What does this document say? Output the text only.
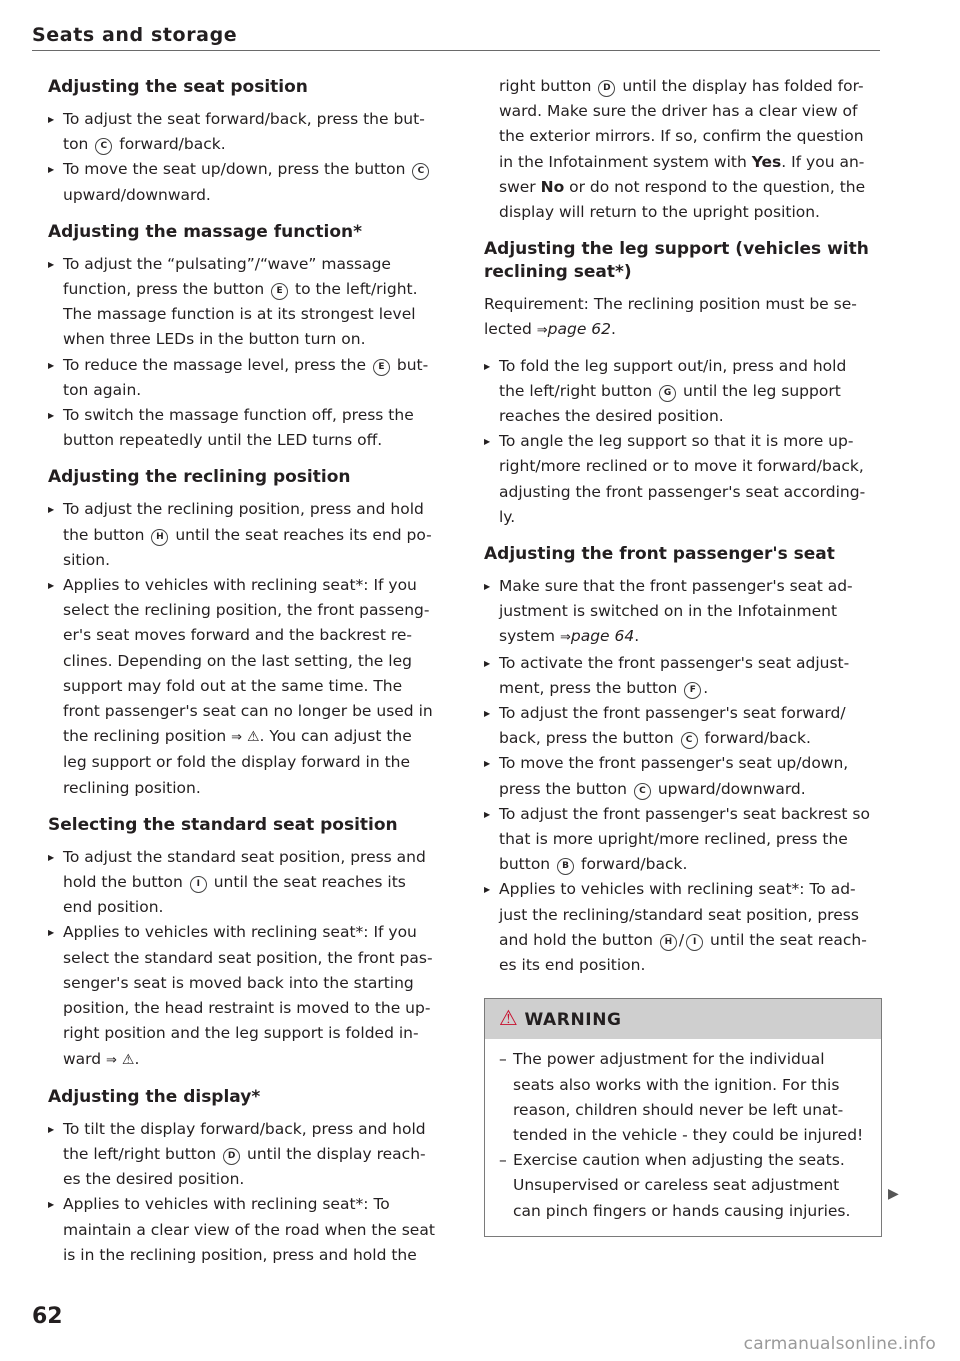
Seats and storage
Adjusting the seat position
▶ To adjust the seat forward/back, press the but-
ton C forward/back.
▶ To move the seat up/down, press the button C
upward/downward.
Adjusting the massage function*
▶ To adjust the “pulsating”/“wave” massage
function, press the button E to the left/right.
The massage function is at its strongest level
when three LEDs in the button turn on.
▶ To reduce the massage level, press the E but-
ton again.
▶ To switch the massage function off, press the
button repeatedly until the LED turns off.
Adjusting the reclining position
▶ To adjust the reclining position, press and hold
the button H until the seat reaches its end po-
sition.
▶ Applies to vehicles with reclining seat*: If you
select the reclining position, the front passeng-
er's seat moves forward and the backrest re-
clines. Depending on the last setting, the leg
support may fold out at the same time. The
front passenger's seat can no longer be used in
the reclining position ⇒ ⚠. You can adjust the
leg support or fold the display forward in the
reclining position.
Selecting the standard seat position
▶ To adjust the standard seat position, press and
hold the button I until the seat reaches its
end position.
▶ Applies to vehicles with reclining seat*: If you
select the standard seat position, the front pas-
senger's seat is moved back into the starting
position, the head restraint is moved to the up-
right position and the leg support is folded in-
ward ⇒ ⚠.
Adjusting the display*
▶ To tilt the display forward/back, press and hold
the left/right button D until the display reach-
es the desired position.
▶ Applies to vehicles with reclining seat*: To
maintain a clear view of the road when the seat
is in the reclining position, press and hold the

right button D until the display has folded for-
ward. Make sure the driver has a clear view of
the exterior mirrors. If so, confirm the question
in the Infotainment system with Yes. If you an-
swer No or do not respond to the question, the
display will return to the upright position.

Adjusting the leg support (vehicles with reclining seat*)

Requirement: The reclining position must be se-
lected ⇒page 62.

▶ To fold the leg support out/in, press and hold
the left/right button G until the leg support
reaches the desired position.
▶ To angle the leg support so that it is more up-
right/more reclined or to move it forward/back,
adjusting the front passenger's seat according-
ly.
Adjusting the front passenger's seat
▶ Make sure that the front passenger's seat ad-
justment is switched on in the Infotainment
system ⇒page 64.
▶ To activate the front passenger's seat adjust-
ment, press the button F .
▶ To adjust the front passenger's seat forward/
back, press the button C forward/back.
▶ To move the front passenger's seat up/down,
press the button C upward/downward.
▶ To adjust the front passenger's seat backrest so
that is more upright/more reclined, press the
button B forward/back.
▶ Applies to vehicles with reclining seat*: To ad-
just the reclining/standard seat position, press
and hold the button H / I until the seat reach-
es its end position.
⚠ WARNING
– The power adjustment for the individual
seats also works with the ignition. For this
reason, children should never be left unat-
tended in the vehicle - they could be injured!
– Exercise caution when adjusting the seats.
Unsupervised or careless seat adjustment
can pinch fingers or hands causing injuries.
▶

62

carmanualsonline.info
